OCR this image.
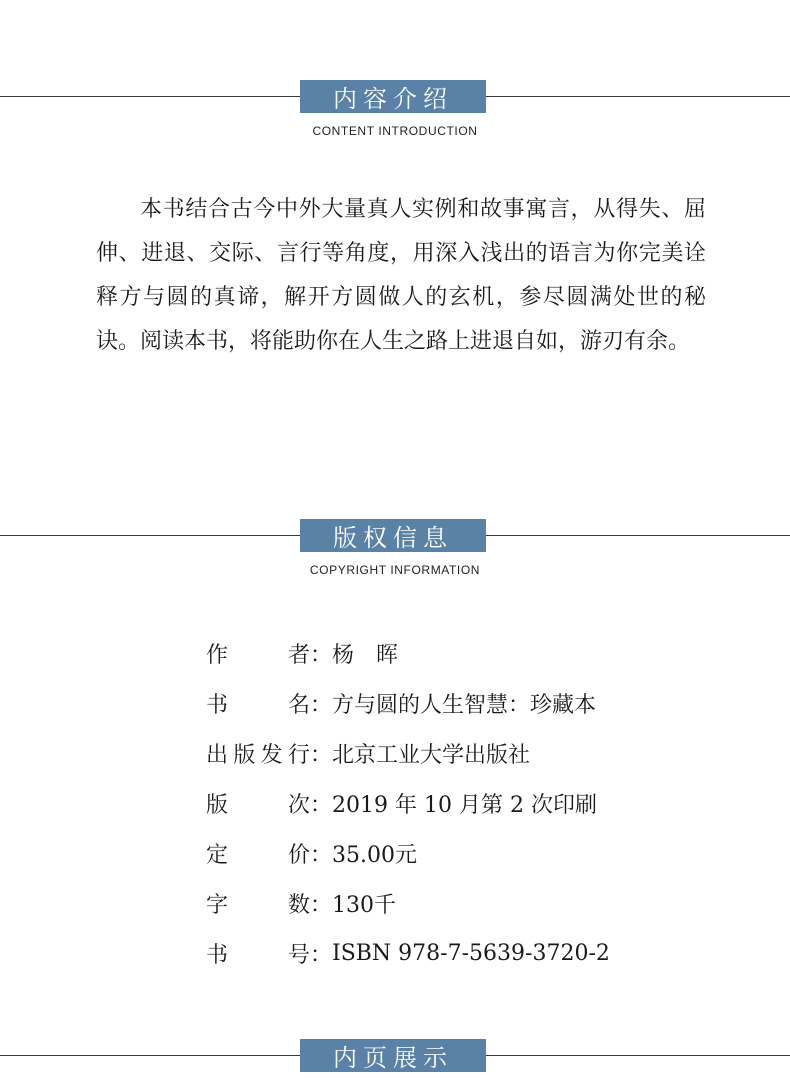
内容介绍
CONTENT INTRODUCTION

本书结合古今中外大量真人实例和故事寓言，从得失、屈伸、进退、交际、言行等角度，用深入浅出的语言为你完美诠释方与圆的真谛，解开方圆做人的玄机，参尽圆满处世的秘诀。阅读本书，将能助你在人生之路上进退自如，游刃有余。

版权信息
COPYRIGHT INFORMATION
作	者 ： 杨　晖
书	名 ： 方与圆的人生智慧：珍藏本
出 版 发 行 ： 北京工业大学出版社
版	次 ： 2019 年 10 月第 2 次印刷
定	价 ： 35.00元
字	数 ： 130千
书	号 ： ISBN 978-7-5639-3720-2
内页展示
